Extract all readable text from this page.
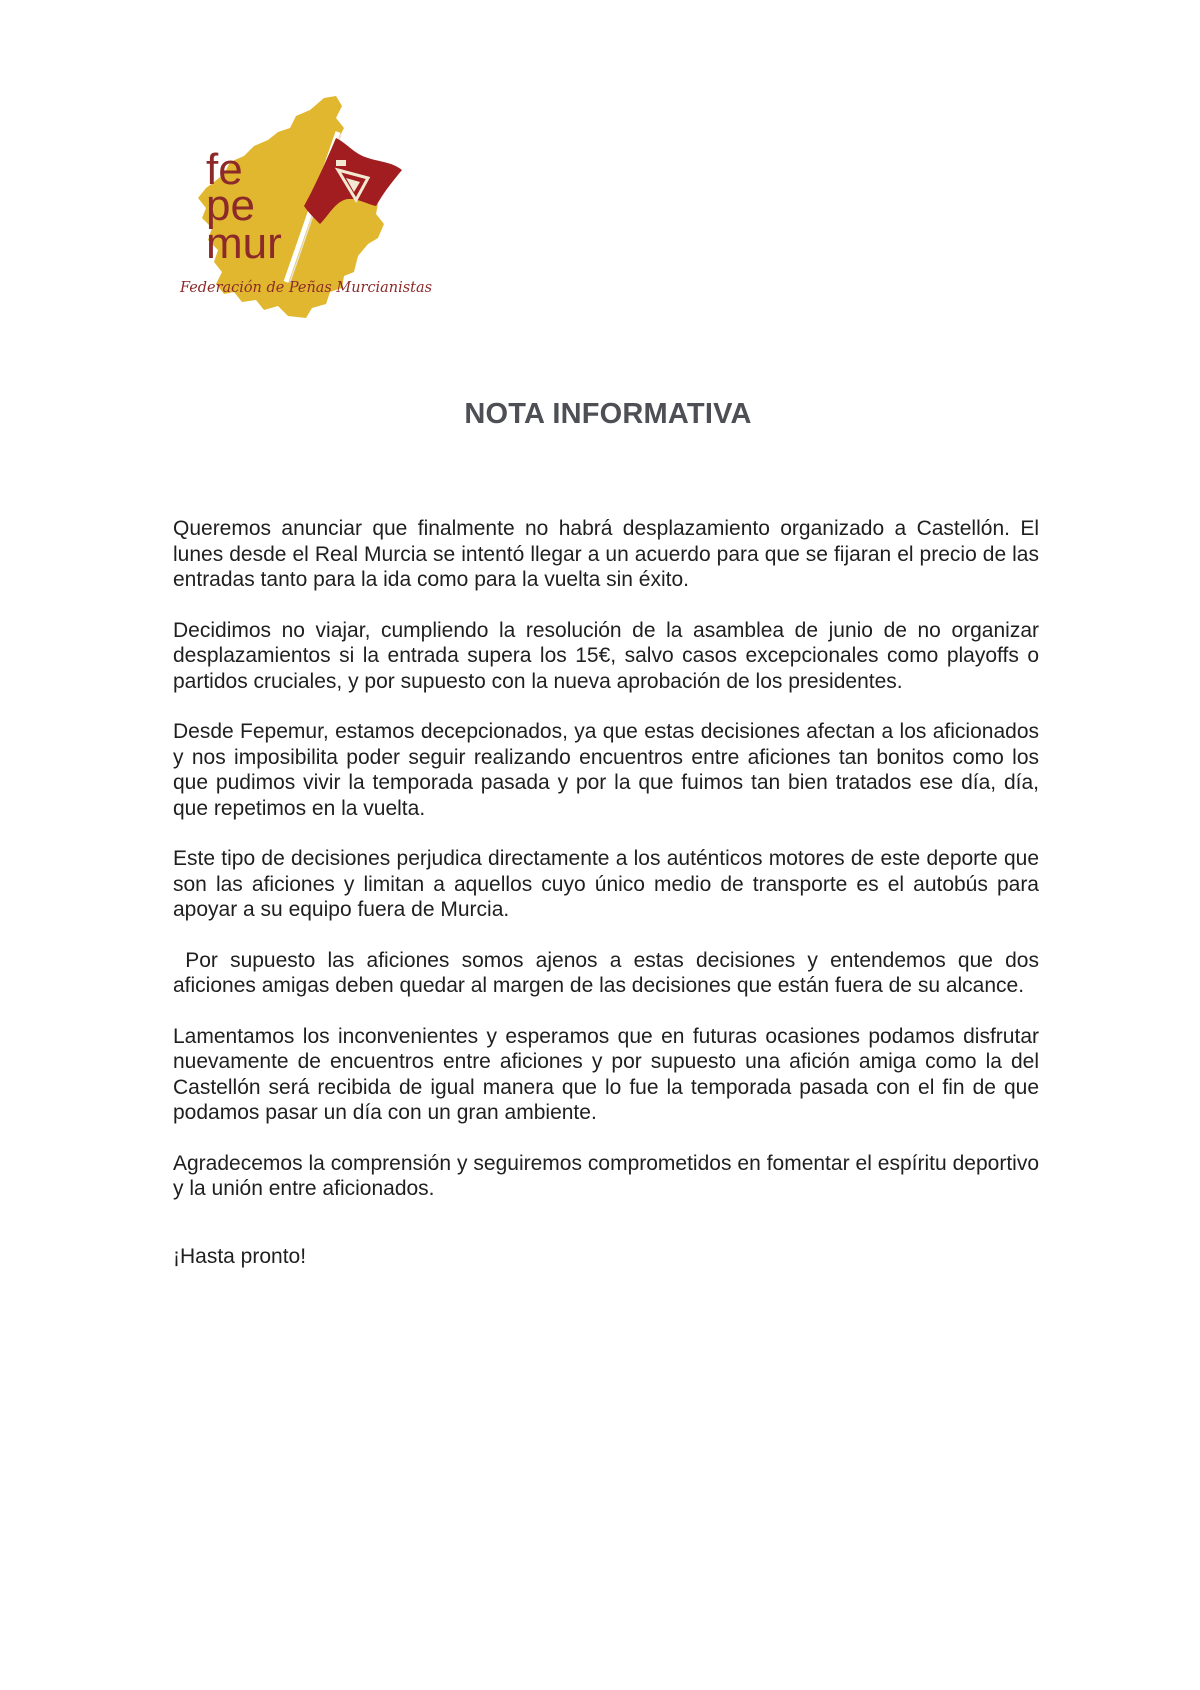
fe
pe
mur
Federación de Peñas Murcianistas
NOTA INFORMATIVA

Queremos anunciar que finalmente no habrá desplazamiento organizado a Castellón. El lunes desde el Real Murcia se intentó llegar a un acuerdo para que se fijaran el precio de las entradas tanto para la ida como para la vuelta sin éxito.

Decidimos no viajar, cumpliendo la resolución de la asamblea de junio de no organizar desplazamientos si la entrada supera los 15€, salvo casos excepcionales como playoffs o partidos cruciales, y por supuesto con la nueva aprobación de los presidentes.

Desde Fepemur, estamos decepcionados, ya que estas decisiones afectan a los aficionados y nos imposibilita poder seguir realizando encuentros entre aficiones tan bonitos como los que pudimos vivir la temporada pasada y por la que fuimos tan bien tratados ese día, día, que repetimos en la vuelta.

Este tipo de decisiones perjudica directamente a los auténticos motores de este deporte que son las aficiones y limitan a aquellos cuyo único medio de transporte es el autobús para apoyar a su equipo fuera de Murcia.

Por supuesto las aficiones somos ajenos a estas decisiones y entendemos que dos aficiones amigas deben quedar al margen de las decisiones que están fuera de su alcance.

Lamentamos los inconvenientes y esperamos que en futuras ocasiones podamos disfrutar nuevamente de encuentros entre aficiones y por supuesto una afición amiga como la del Castellón será recibida de igual manera que lo fue la temporada pasada con el fin de que podamos pasar un día con un gran ambiente.

Agradecemos la comprensión y seguiremos comprometidos en fomentar el espíritu deportivo y la unión entre aficionados.

¡Hasta pronto!
